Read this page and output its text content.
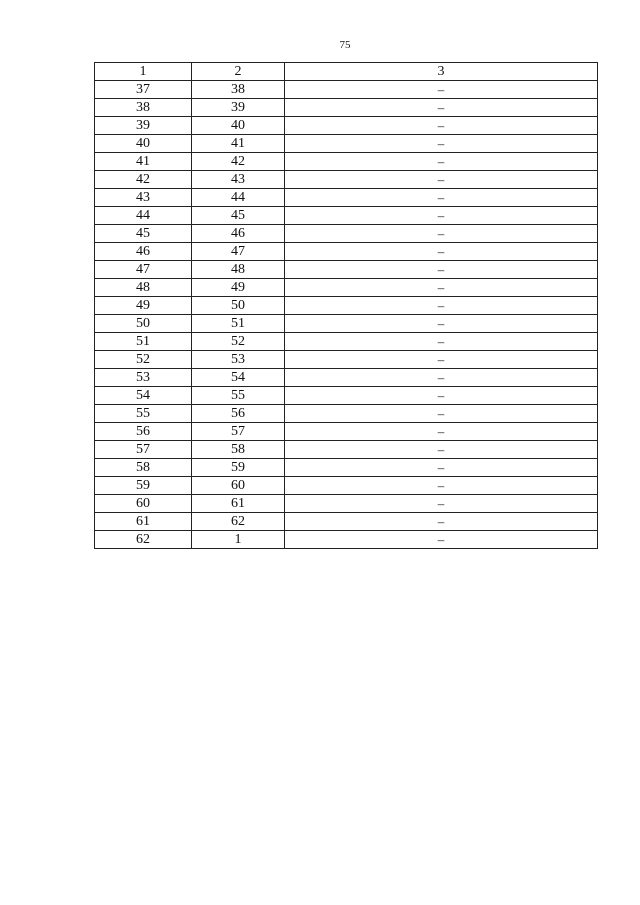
75
1	2	3
37	38	–
38	39	–
39	40	–
40	41	–
41	42	–
42	43	–
43	44	–
44	45	–
45	46	–
46	47	–
47	48	–
48	49	–
49	50	–
50	51	–
51	52	–
52	53	–
53	54	–
54	55	–
55	56	–
56	57	–
57	58	–
58	59	–
59	60	–
60	61	–
61	62	–
62	1	–
